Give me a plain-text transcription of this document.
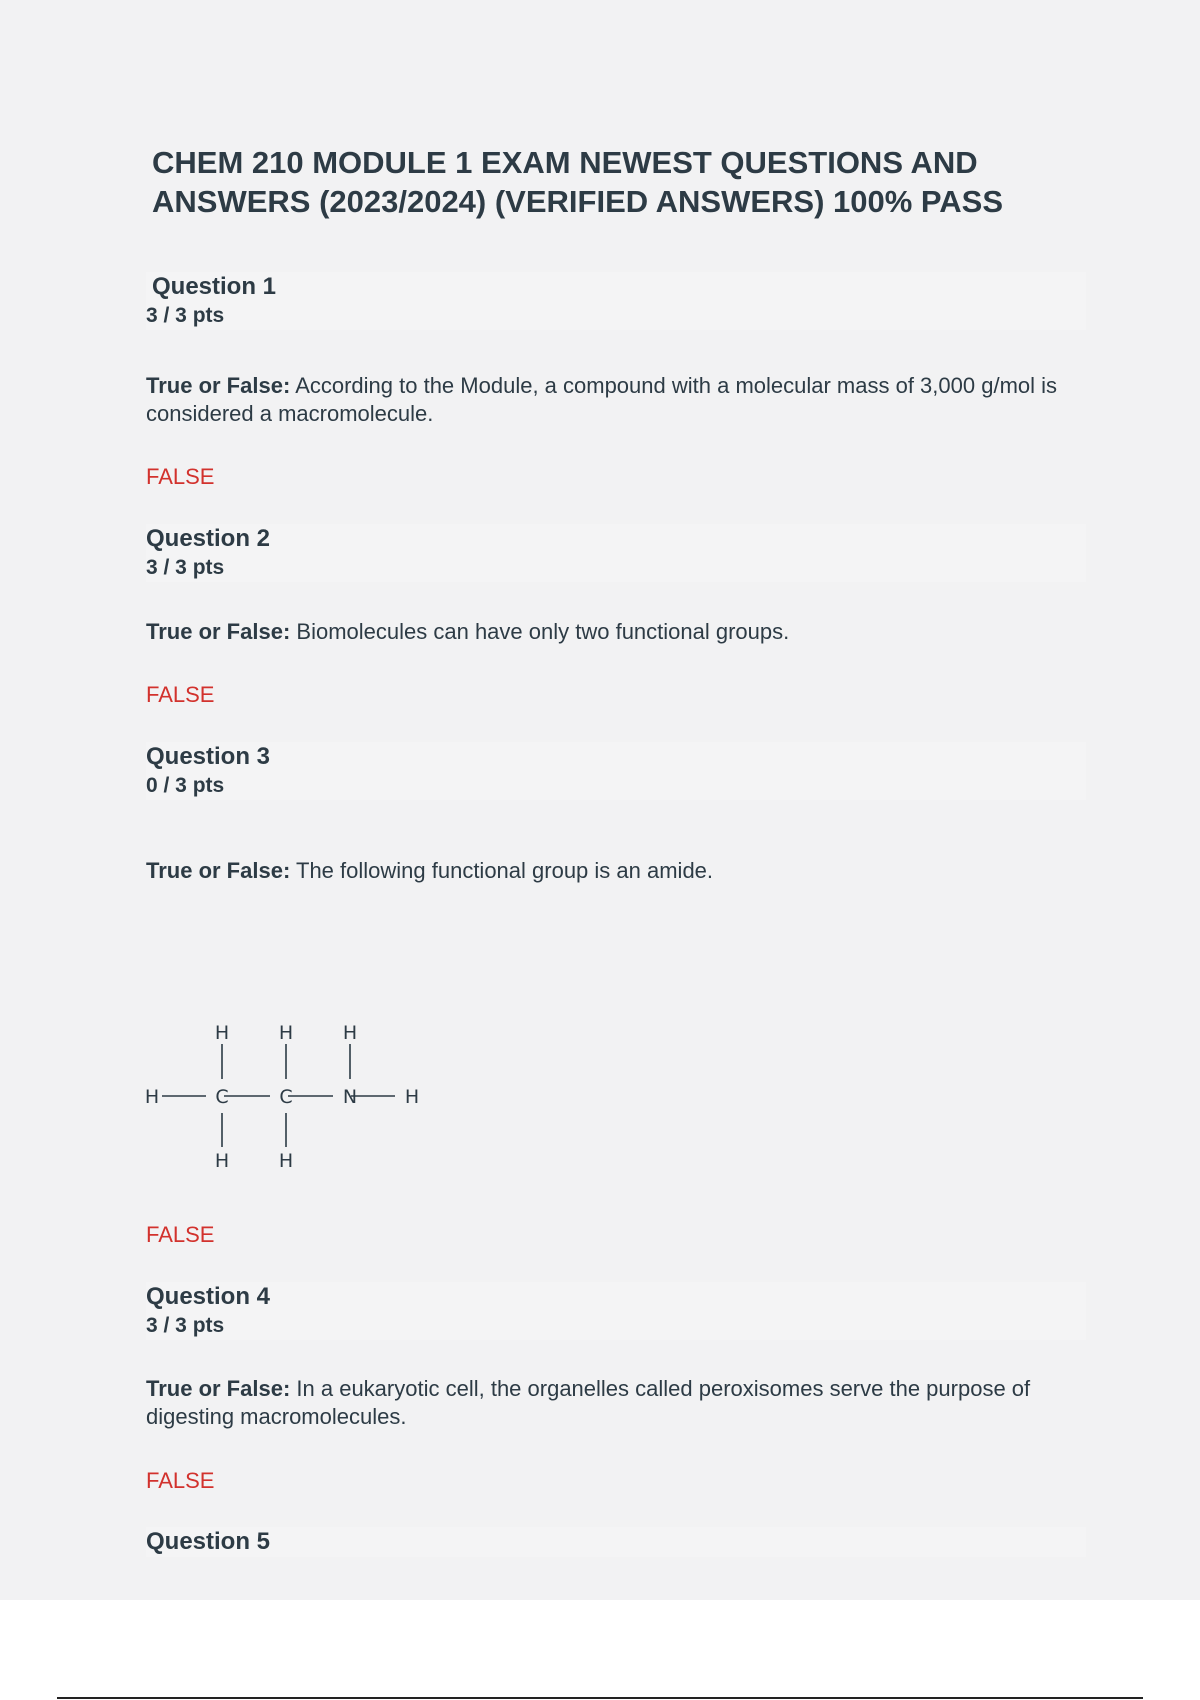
CHEM 210 MODULE 1 EXAM NEWEST QUESTIONS AND ANSWERS (2023/2024) (VERIFIED ANSWERS) 100% PASS
Question 1
3 / 3 pts

True or False: According to the Module, a compound with a molecular mass of 3,000 g/mol is considered a macromolecule.

FALSE
Question 2
3 / 3 pts

True or False: Biomolecules can have only two functional groups.

FALSE
Question 3
0 / 3 pts

True or False: The following functional group is an amide.

H	C	C	N	H
H	H	H
H	H
FALSE
Question 4
3 / 3 pts

True or False: In a eukaryotic cell, the organelles called peroxisomes serve the purpose of digesting macromolecules.

FALSE
Question 5
